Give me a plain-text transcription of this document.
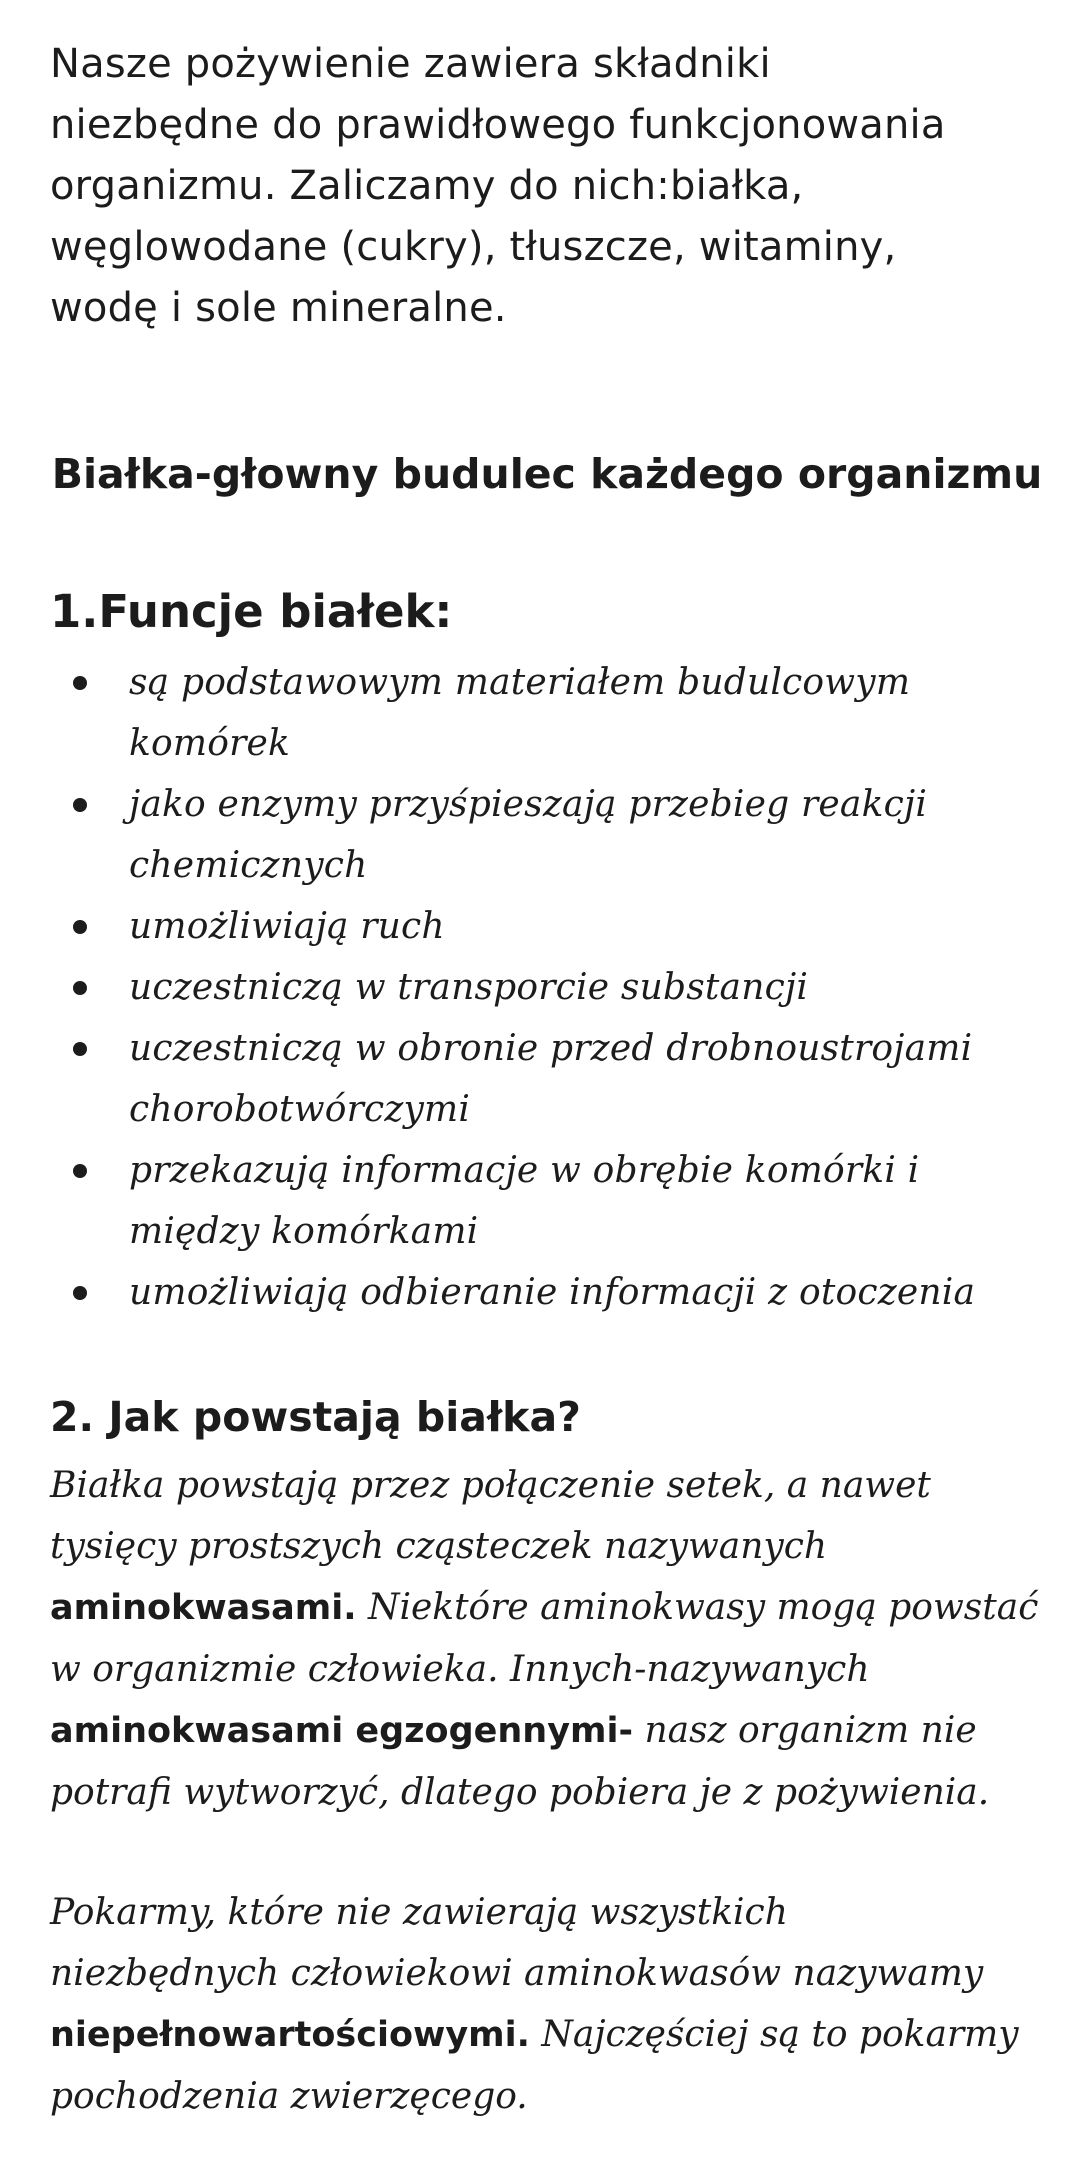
Nasze pożywienie zawiera składniki
niezbędne do prawidłowego funkcjonowania
organizmu. Zaliczamy do nich:białka,
węglowodane (cukry), tłuszcze, witaminy,
wodę i sole mineralne.

Białka-głowny budulec każdego organizmu
1.Funcje białek:
są podstawowym materiałem budulcowym
komórek
jako enzymy przyśpieszają przebieg reakcji
chemicznych
umożliwiają ruch
uczestniczą w transporcie substancji
uczestniczą w obronie przed drobnoustrojami
chorobotwórczymi
przekazują informacje w obrębie komórki i
między komórkami
umożliwiają odbieranie informacji z otoczenia
2. Jak powstają białka?

Białka powstają przez połączenie setek, a nawet
tysięcy prostszych cząsteczek nazywanych
aminokwasami. Niektóre aminokwasy mogą powstać
w organizmie człowieka. Innych-nazywanych
aminokwasami egzogennymi- nasz organizm nie
potrafi wytworzyć, dlatego pobiera je z pożywienia.

Pokarmy, które nie zawierają wszystkich
niezbędnych człowiekowi aminokwasów nazywamy
niepełnowartościowymi. Najczęściej są to pokarmy
pochodzenia zwierzęcego.
